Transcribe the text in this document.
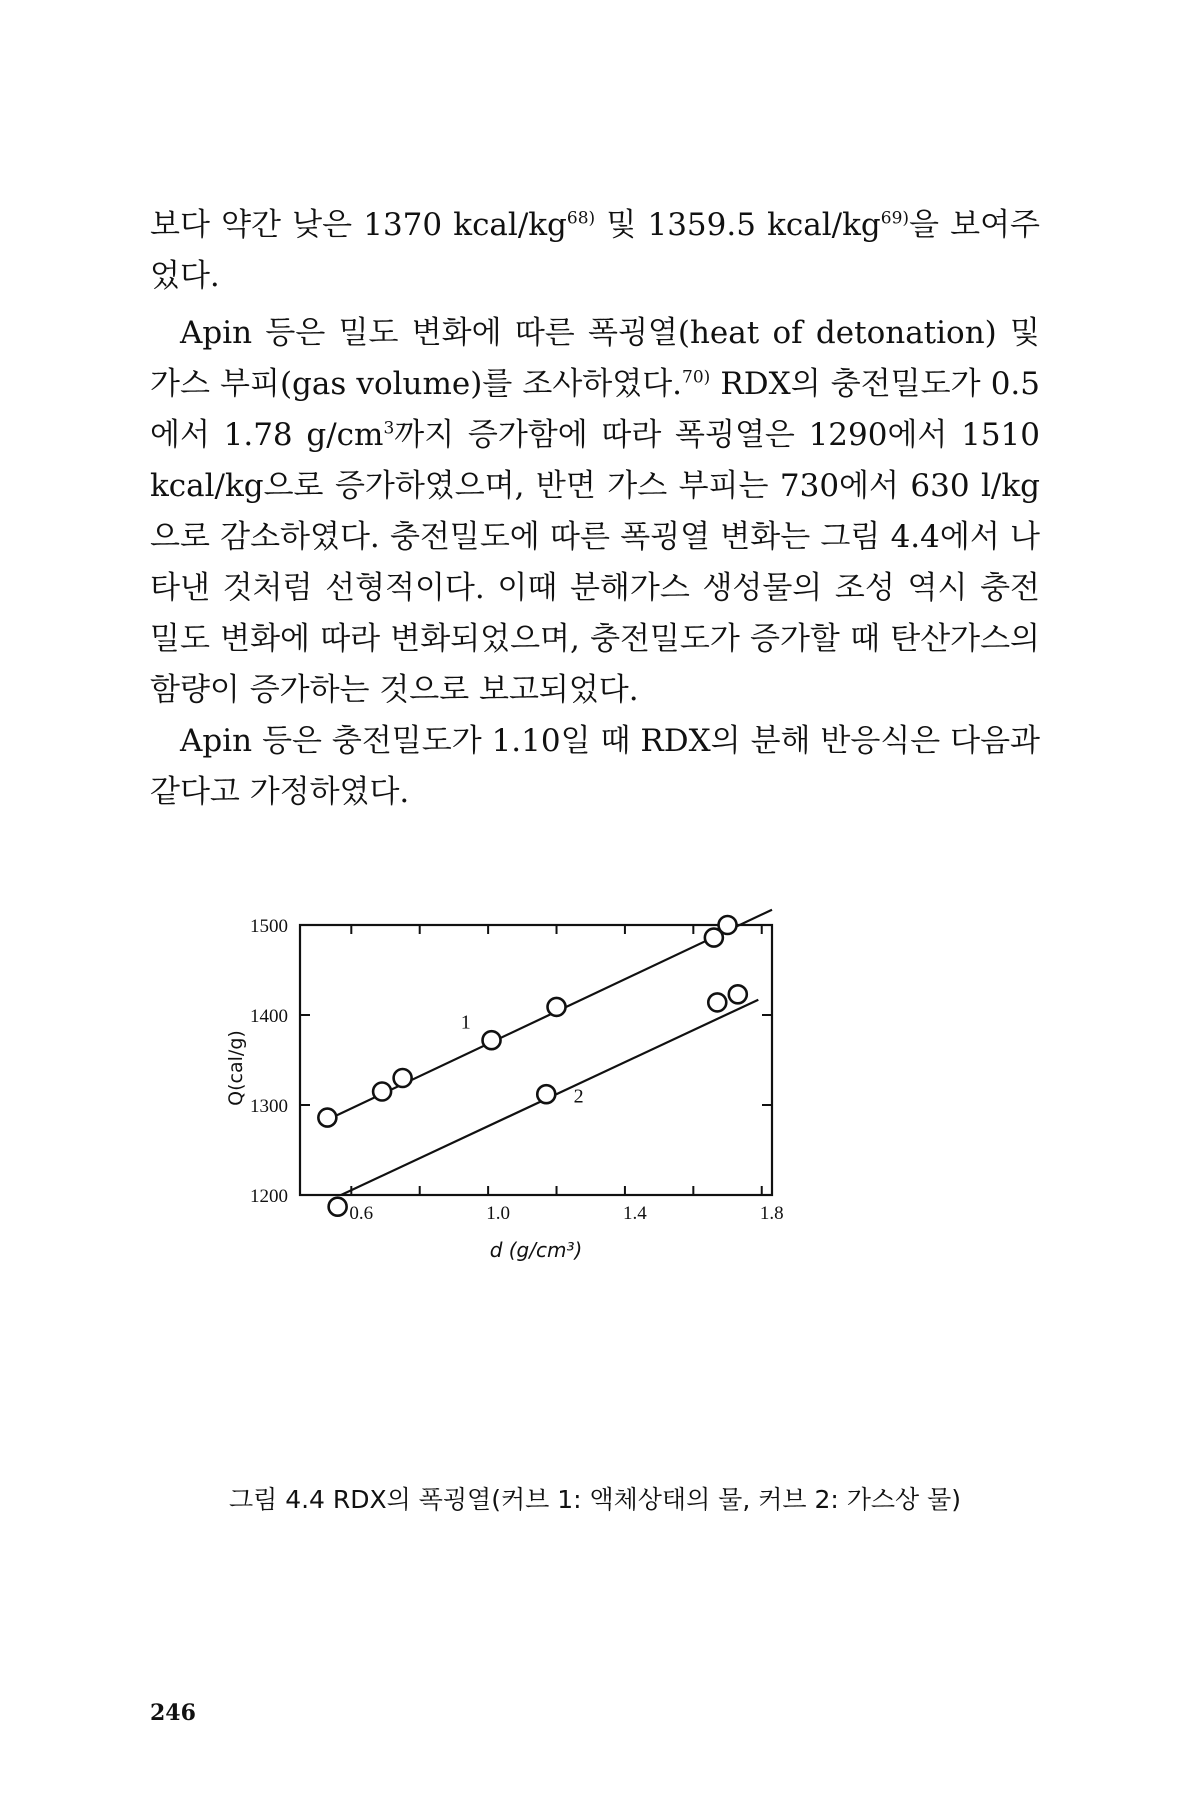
보다 약간 낮은 1370 kcal/$kg^{68)}$ 및 1359.5 kcal/$kg^{69)}$을 보여주었다.

Apin 등은 밀도 변화에 따른 폭굉열(heat of detonation) 및 가스 부피(gas volume)를 조사하였다.$^{70)}$ RDX의 충전밀도가 0.5에서 1.78 $g/cm^3$까지 증가함에 따라 폭굉열은 1290에서 1510 kcal/kg으로 증가하였으며, 반면 가스 부피는 730에서 630 l/kg으로 감소하였다. 충전밀도에 따른 폭굉열 변화는 그림 4.4에서 나타낸 것처럼 선형적이다. 이때 분해가스 생성물의 조성 역시 충전밀도 변화에 따라 변화되었으며, 충전밀도가 증가할 때 탄산가스의 함량이 증가하는 것으로 보고되었다.

Apin 등은 충전밀도가 1.10일 때 RDX의 분해 반응식은 다음과 같다고 가정하였다.

0.6	1.0	1.4	1.8
1200
1300
1400
1500
d (g/cm³)
Q(cal/g)
1
2
그림 4.4 RDX의 폭굉열(커브 1: 액체상태의 물, 커브 2: 가스상 물)
246
